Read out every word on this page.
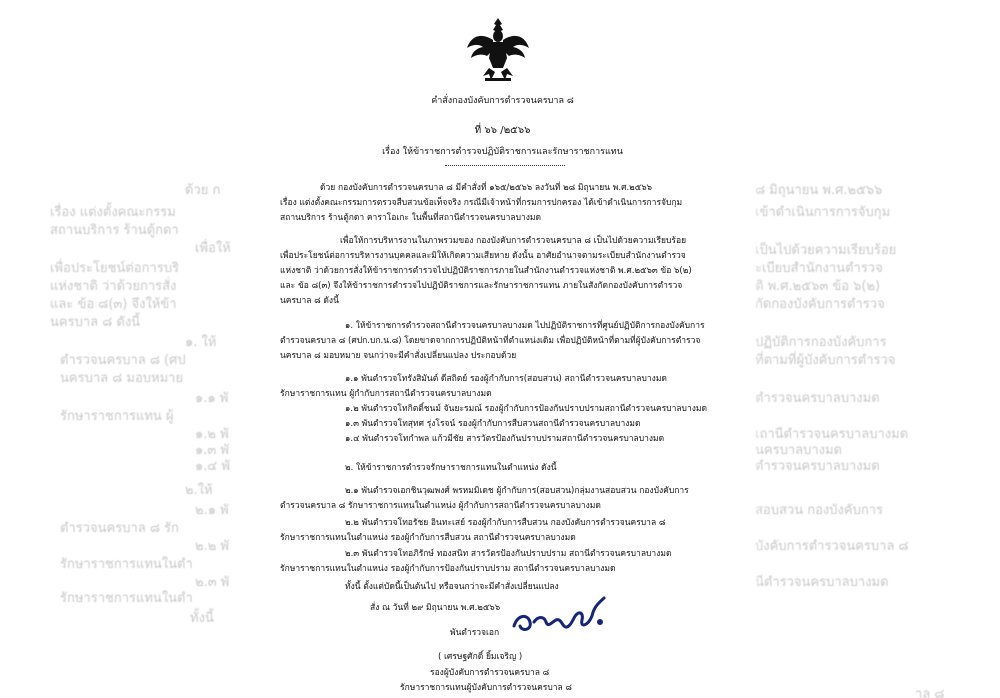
ด้วย ก
เรื่อง แต่งตั้งคณะกรรม
สถานบริการ ร้านตู้กดา
เพื่อให้
เพื่อประโยชน์ต่อการบริ
แห่งชาติ ว่าด้วยการสั่ง
และ ข้อ ๘(๓) จึงให้ข้า
นครบาล ๘ ดังนี้
๑. ให้
ตำรวจนครบาล ๘ (ศป
นครบาล ๘ มอบหมาย
๑.๑ พั
รักษาราชการแทน ผู้
๑.๒ พั
๑.๓ พั
๑.๔ พั
๒.ให้
๒.๑ พั
ตำรวจนครบาล ๘ รัก
๒.๒ พั
รักษาราชการแทนในตำ
๒.๓ พั
รักษาราชการแทนในตำ
ทั้งนี้
๘ มิถุนายน พ.ศ.๒๕๖๖
เข้าดำเนินการการจับกุม
เป็นไปด้วยความเรียบร้อย
ะเบียบสำนักงานตำรวจ
ติ พ.ศ.๒๕๖๓ ข้อ ๖(๒)
กัดกองบังคับการตำรวจ
ปฏิบัติการกองบังคับการ
ที่ตามที่ผู้บังคับการตำรวจ
ตำรวจนครบาลบางมด
เถานีตำรวจนครบาลบางมด
นครบาลบางมด
ตำรวจนครบาลบางมด
สอบสวน กองบังคับการ
บังคับการตำรวจนครบาล ๘
นีตำรวจนครบาลบางมด
าล ๘
คำสั่งกองบังคับการตำรวจนครบาล ๘
ที่ ๖๖ /๒๕๖๖
เรื่อง ให้ข้าราชการตำรวจปฏิบัติราชการและรักษาราชการแทน
ด้วย กองบังคับการตำรวจนครบาล ๘ มีคำสั่งที่ ๑๖๕/๒๕๖๖ ลงวันที่ ๒๘ มิถุนายน พ.ศ.๒๕๖๖
เรื่อง แต่งตั้งคณะกรรมการตรวจสืบสวนข้อเท็จจริง กรณีมีเจ้าหน้าที่กรมการปกครอง ได้เข้าดำเนินการการจับกุม
สถานบริการ ร้านตู้กดา คาราโอเกะ ในพื้นที่สถานีตำรวจนครบาลบางมด
เพื่อให้การบริหารงานในภาพรวมของ กองบังคับการตำรวจนครบาล ๘ เป็นไปด้วยความเรียบร้อย
เพื่อประโยชน์ต่อการบริหารงานบุคคลและมิให้เกิดความเสียหาย ดังนั้น อาศัยอำนาจตามระเบียบสำนักงานตำรวจ
แห่งชาติ ว่าด้วยการสั่งให้ข้าราชการตำรวจไปปฏิบัติราชการภายในสำนักงานตำรวจแห่งชาติ พ.ศ.๒๕๖๓ ข้อ ๖(๒)
และ ข้อ ๘(๓) จึงให้ข้าราชการตำรวจไปปฏิบัติราชการและรักษาราชการแทน ภายในสังกัดกองบังคับการตำรวจ
นครบาล ๘ ดังนี้
๑. ให้ข้าราชการตำรวจสถานีตำรวจนครบาลบางมด ไปปฏิบัติราชการที่ศูนย์ปฏิบัติการกองบังคับการ
ตำรวจนครบาล ๘ (ศปก.บก.น.๘) โดยขาดจากการปฏิบัติหน้าที่ตำแหน่งเดิม เพื่อปฏิบัติหน้าที่ตามที่ผู้บังคับการตำรวจ
นครบาล ๘ มอบหมาย จนกว่าจะมีคำสั่งเปลี่ยนแปลง ประกอบด้วย
๑.๑ พันตำรวจโทรังสิมันต์ ดีสถิตย์ รองผู้กำกับการ(สอบสวน) สถานีตำรวจนครบาลบางมด
รักษาราชการแทน ผู้กำกับการสถานีตำรวจนครบาลบางมด
๑.๒ พันตำรวจโทกิตติ์ชนม์ จันยะรมณ์ รองผู้กำกับการป้องกันปราบปรามสถานีตำรวจนครบาลบางมด
๑.๓ พันตำรวจโทสุทศ รุ่งโรจน์ รองผู้กำกับการสืบสวนสถานีตำรวจนครบาลบางมด
๑.๔ พันตำรวจโทกำพล แก้วมีชัย สารวัตรป้องกันปราบปรามสถานีตำรวจนครบาลบางมด
๒. ให้ข้าราชการตำรวจรักษาราชการแทนในตำแหน่ง ดังนี้
๒.๑ พันตำรวจเอกชินวุฒพงศ์ พรหมมิเดช ผู้กำกับการ(สอบสวน)กลุ่มงานสอบสวน กองบังคับการ
ตำรวจนครบาล ๘ รักษาราชการแทนในตำแหน่ง ผู้กำกับการสถานีตำรวจนครบาลบางมด
๒.๒ พันตำรวจโทอรัชย อินทะเสย์ รองผู้กำกับการสืบสวน กองบังคับการตำรวจนครบาล ๘
รักษาราชการแทนในตำแหน่ง รองผู้กำกับการสืบสวน สถานีตำรวจนครบาลบางมด
๒.๓ พันตำรวจโทอภิรักษ์ ทองสนิท สารวัตรป้องกันปราบปราม สถานีตำรวจนครบาลบางมด
รักษาราชการแทนในตำแหน่ง รองผู้กำกับการป้องกันปราบปราม สถานีตำรวจนครบาลบางมด
ทั้งนี้ ตั้งแต่บัดนี้เป็นต้นไป หรือจนกว่าจะมีคำสั่งเปลี่ยนแปลง
สั่ง ณ วันที่ ๒๙ มิถุนายน พ.ศ.๒๕๖๖
พันตำรวจเอก
( เศรษฐศักดิ์ ยิ้มเจริญ )
รองผู้บังคับการตำรวจนครบาล ๘
รักษาราชการแทนผู้บังคับการตำรวจนครบาล ๘
